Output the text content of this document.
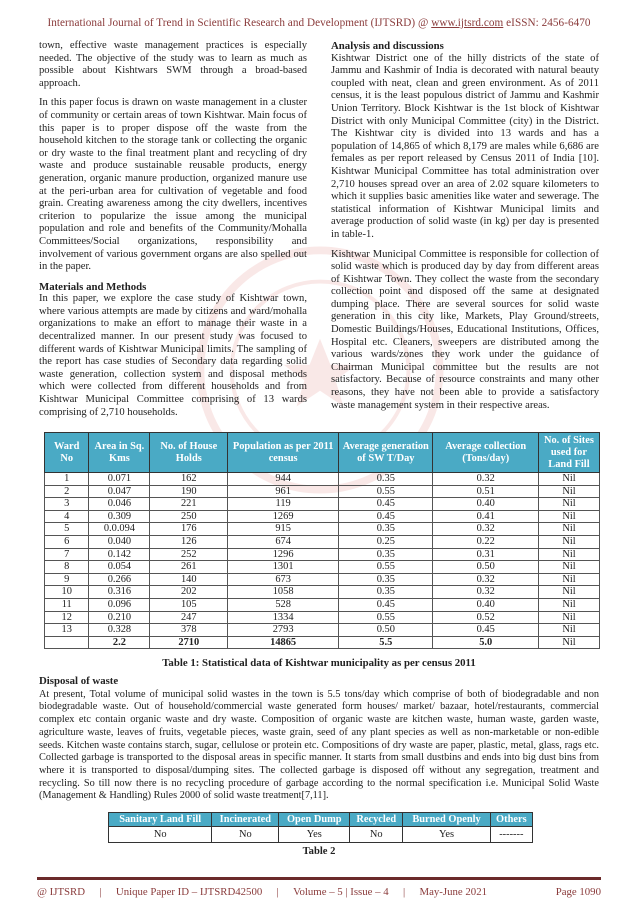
International Journal of Trend in Scientific Research and Development (IJTSRD) @ www.ijtsrd.com eISSN: 2456-6470

town, effective waste management practices is especially needed. The objective of the study was to learn as much as possible about Kishtwars SWM through a broad-based approach.

In this paper focus is drawn on waste management in a cluster of community or certain areas of town Kishtwar. Main focus of this paper is to proper dispose off the waste from the household kitchen to the storage tank or collecting the organic or dry waste to the final treatment plant and recycling of dry waste and produce sustainable reusable products, energy generation, organic manure production, organized manure use at the peri-urban area for cultivation of vegetable and food grain. Creating awareness among the city dwellers, incentives criterion to popularize the issue among the municipal population and role and benefits of the Community/Mohalla Committees/Social organizations, responsibility and involvement of various government organs are also spelled out in the paper.

Materials and Methods

In this paper, we explore the case study of Kishtwar town, where various attempts are made by citizens and ward/mohalla organizations to make an effort to manage their waste in a decentralized manner. In our present study was focused to different wards of Kishtwar Municipal limits. The sampling of the report has case studies of Secondary data regarding solid waste generation, collection system and disposal methods which were collected from different households and from Kishtwar Municipal Committee comprising of 13 wards comprising of 2,710 households.

Analysis and discussions

Kishtwar District one of the hilly districts of the state of Jammu and Kashmir of India is decorated with natural beauty coupled with neat, clean and green environment. As of 2011 census, it is the least populous district of Jammu and Kashmir Union Territory. Block Kishtwar is the 1st block of Kishtwar District with only Municipal Committee (city) in the District. The Kishtwar city is divided into 13 wards and has a population of 14,865 of which 8,179 are males while 6,686 are females as per report released by Census 2011 of India [10]. Kishtwar Municipal Committee has total administration over 2,710 houses spread over an area of 2.02 square kilometers to which it supplies basic amenities like water and sewerage. The statistical information of Kishtwar Municipal limits and average production of solid waste (in kg) per day is presented in table-1.

Kishtwar Municipal Committee is responsible for collection of solid waste which is produced day by day from different areas of Kishtwar Town. They collect the waste from the secondary collection point and disposed off the same at designated dumping place. There are several sources for solid waste generation in this city like, Markets, Play Ground/streets, Domestic Buildings/Houses, Educational Institutions, Offices, Hospital etc. Cleaners, sweepers are distributed among the various wards/zones they work under the guidance of Chairman Municipal committee but the results are not satisfactory. Because of resource constraints and many other reasons, they have not been able to provide a satisfactory waste management system in their respective areas.

Ward No	Area in Sq. Kms	No. of House Holds	Population as per 2011 census	Average generation of SW T/Day	Average collection (Tons/day)	No. of Sites used for Land Fill
1	0.071	162	944	0.35	0.32	Nil
2	0.047	190	961	0.55	0.51	Nil
3	0.046	221	119	0.45	0.40	Nil
4	0.309	250	1269	0.45	0.41	Nil
5	0.0.094	176	915	0.35	0.32	Nil
6	0.040	126	674	0.25	0.22	Nil
7	0.142	252	1296	0.35	0.31	Nil
8	0.054	261	1301	0.55	0.50	Nil
9	0.266	140	673	0.35	0.32	Nil
10	0.316	202	1058	0.35	0.32	Nil
11	0.096	105	528	0.45	0.40	Nil
12	0.210	247	1334	0.55	0.52	Nil
13	0.328	378	2793	0.50	0.45	Nil
	2.2	2710	14865	5.5	5.0	Nil
Table 1: Statistical data of Kishtwar municipality as per census 2011
Disposal of waste

At present, Total volume of municipal solid wastes in the town is 5.5 tons/day which comprise of both of biodegradable and non biodegradable waste. Out of household/commercial waste generated form houses/ market/ bazaar, hotel/restaurants, commercial complex etc contain organic waste and dry waste. Composition of organic waste are kitchen waste, human waste, garden waste, agriculture waste, leaves of fruits, vegetable pieces, waste grain, seed of any plant species as well as non-marketable or non-edible seeds. Kitchen waste contains starch, sugar, cellulose or protein etc. Compositions of dry waste are paper, plastic, metal, glass, rags etc. Collected garbage is transported to the disposal areas in specific manner. It starts from small dustbins and ends into big dust bins from where it is transported to disposal/dumping sites. The collected garbage is disposed off without any segregation, treatment and recycling. So till now there is no recycling procedure of garbage according to the normal specification i.e. Municipal Solid Waste (Management & Handling) Rules 2000 of solid waste treatment[7,11].

Sanitary Land Fill	Incinerated	Open Dump	Recycled	Burned Openly	Others
No	No	Yes	No	Yes	-------
Table 2
@ IJTSRD | Unique Paper ID – IJTSRD42500 | Volume – 5 | Issue – 4 | May-June 2021	Page 1090
